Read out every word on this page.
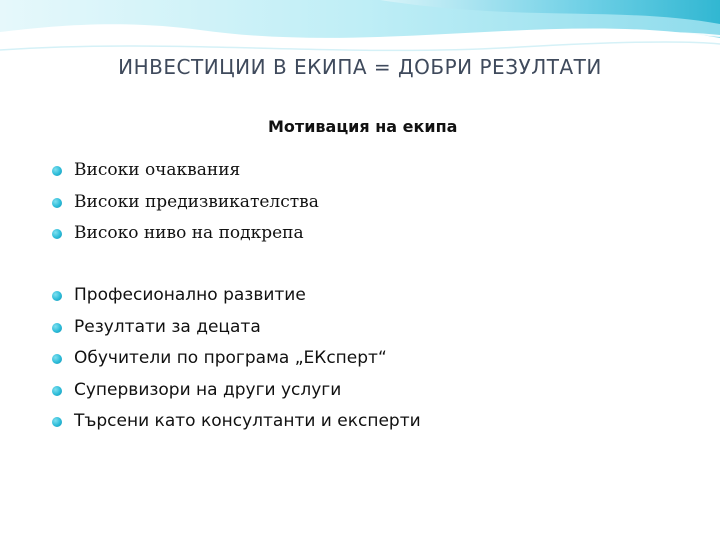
ИНВЕСТИЦИИ В ЕКИПА = ДОБРИ РЕЗУЛТАТИ
Мотивация на екипа
Високи очаквания
Високи предизвикателства
Високо ниво на подкрепа
Професионално развитие
Резултати за децата
Обучители по програма „ЕКсперт“
Супервизори на други услуги
Търсени като консултанти и експерти
